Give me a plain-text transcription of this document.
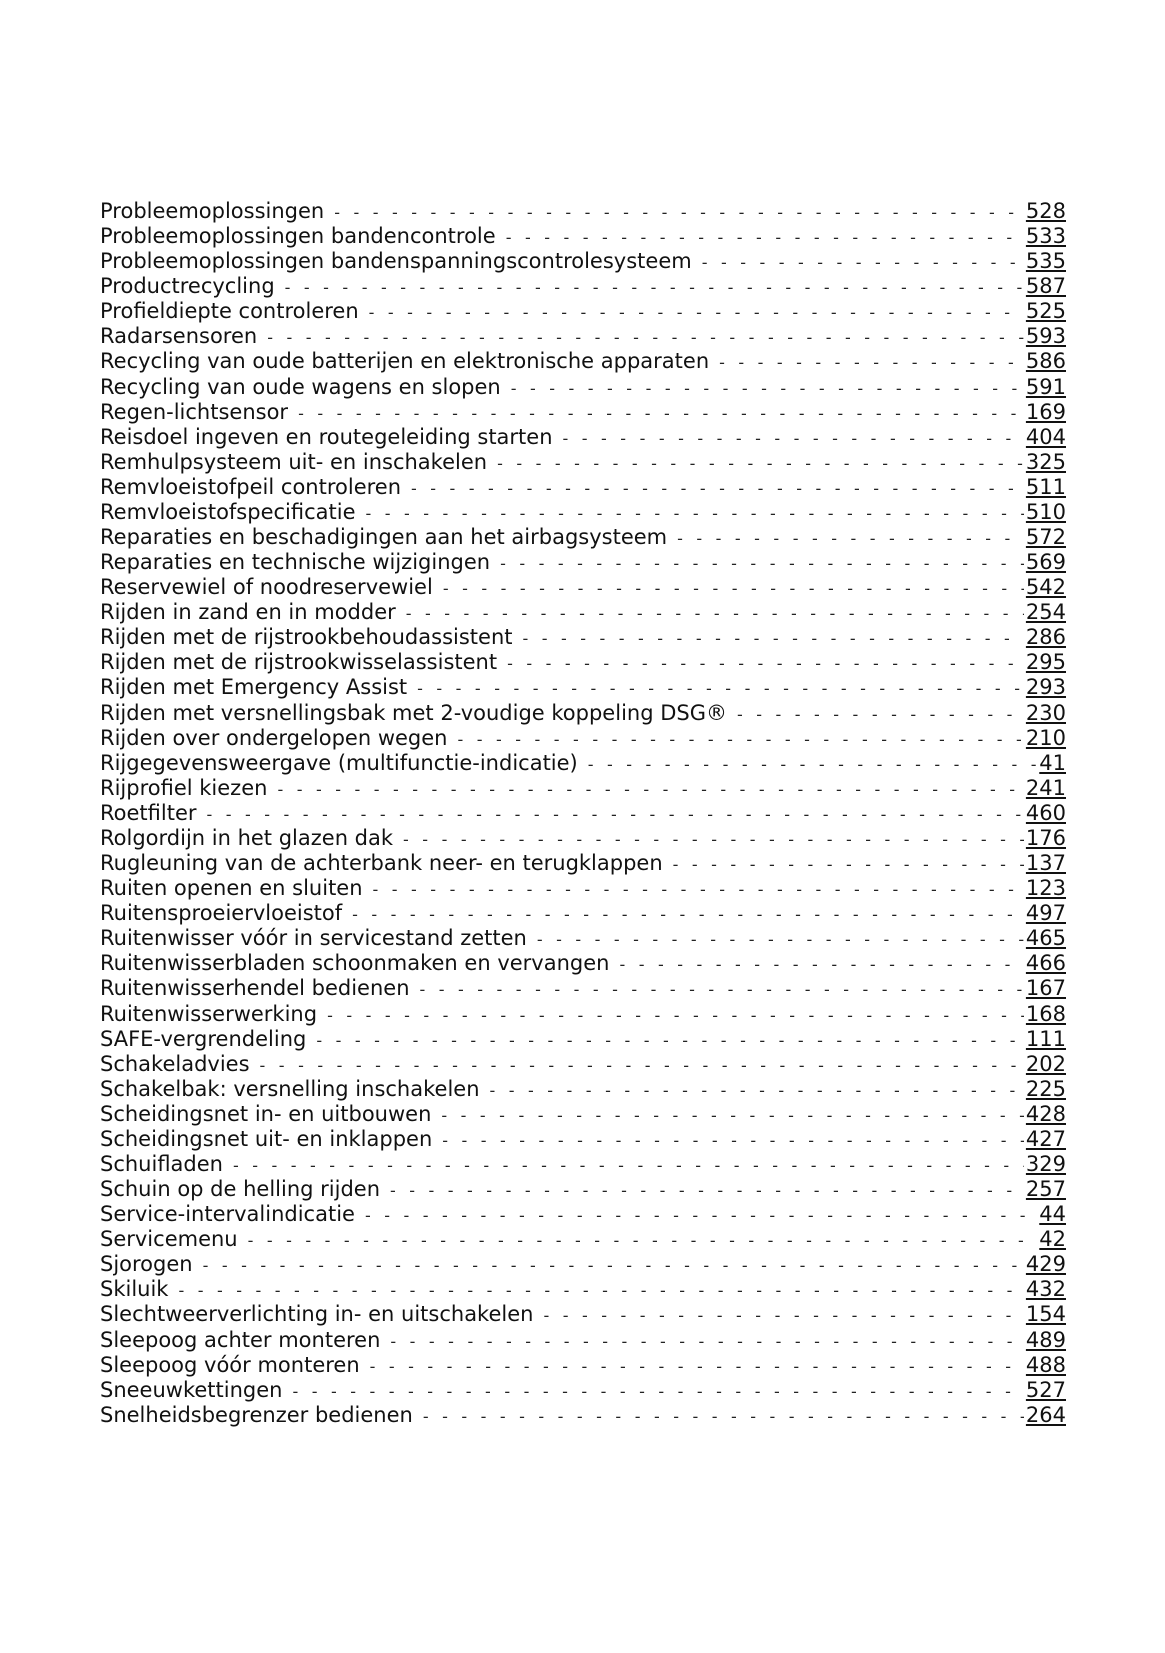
Probleemoplossingen - - -	528
Probleemoplossingen bandencontrole - - -	533
Probleemoplossingen bandenspanningscontrolesysteem - - -	535
Productrecycling - - -	587
Profieldiepte controleren - - -	525
Radarsensoren - - -	593
Recycling van oude batterijen en elektronische apparaten - - -	586
Recycling van oude wagens en slopen - - -	591
Regen-lichtsensor - - -	169
Reisdoel ingeven en routegeleiding starten - - -	404
Remhulpsysteem uit- en inschakelen - - -	325
Remvloeistofpeil controleren - - -	511
Remvloeistofspecificatie - - -	510
Reparaties en beschadigingen aan het airbagsysteem - - -	572
Reparaties en technische wijzigingen - - -	569
Reservewiel of noodreservewiel - - -	542
Rijden in zand en in modder - - -	254
Rijden met de rijstrookbehoudassistent - - -	286
Rijden met de rijstrookwisselassistent - - -	295
Rijden met Emergency Assist - - -	293
Rijden met versnellingsbak met 2-voudige koppeling DSG® - - -	230
Rijden over ondergelopen wegen - - -	210
Rijgegevensweergave (multifunctie-indicatie) - - -	41
Rijprofiel kiezen - - -	241
Roetfilter - - -	460
Rolgordijn in het glazen dak - - -	176
Rugleuning van de achterbank neer- en terugklappen - - -	137
Ruiten openen en sluiten - - -	123
Ruitensproeiervloeistof - - -	497
Ruitenwisser vóór in servicestand zetten - - -	465
Ruitenwisserbladen schoonmaken en vervangen - - -	466
Ruitenwisserhendel bedienen - - -	167
Ruitenwisserwerking - - -	168
SAFE-vergrendeling - - -	111
Schakeladvies - - -	202
Schakelbak: versnelling inschakelen - - -	225
Scheidingsnet in- en uitbouwen - - -	428
Scheidingsnet uit- en inklappen - - -	427
Schuifladen - - -	329
Schuin op de helling rijden - - -	257
Service-intervalindicatie - - -	44
Servicemenu - - -	42
Sjorogen - - -	429
Skiluik - - -	432
Slechtweerverlichting in- en uitschakelen - - -	154
Sleepoog achter monteren - - -	489
Sleepoog vóór monteren - - -	488
Sneeuwkettingen - - -	527
Snelheidsbegrenzer bedienen - - -	264
